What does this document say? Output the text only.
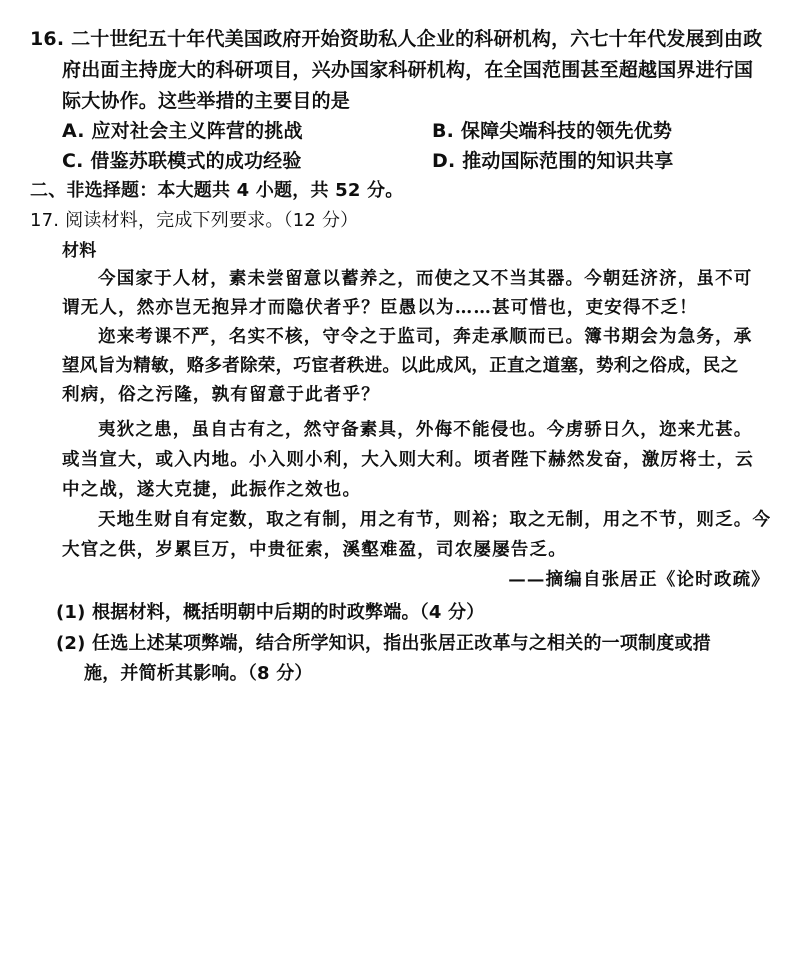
16. 二十世纪五十年代美国政府开始资助私人企业的科研机构，六七十年代发展到由政
府出面主持庞大的科研项目，兴办国家科研机构，在全国范围甚至超越国界进行国
际大协作。这些举措的主要目的是
A. 应对社会主义阵营的挑战	B. 保障尖端科技的领先优势
C. 借鉴苏联模式的成功经验	D. 推动国际范围的知识共享
二、非选择题：本大题共 4 小题，共 52 分。
17. 阅读材料，完成下列要求。（12 分）
材料
今国家于人材，素未尝留意以蓄养之，而使之又不当其器。今朝廷济济，虽不可
谓无人，然亦岂无抱异才而隐伏者乎？臣愚以为……甚可惜也，吏安得不乏！
迩来考课不严，名实不核，守令之于监司，奔走承顺而已。簿书期会为急务，承
望风旨为精敏，赂多者除荣，巧宦者秩进。以此成风，正直之道塞，势利之俗成，民之
利病，俗之污隆，孰有留意于此者乎？
夷狄之患，虽自古有之，然守备素具，外侮不能侵也。今虏骄日久，迩来尤甚。
或当宣大，或入内地。小入则小利，大入则大利。顷者陛下赫然发奋，激厉将士，云
中之战，遂大克捷，此振作之效也。
天地生财自有定数，取之有制，用之有节，则裕；取之无制，用之不节，则乏。今
大官之供，岁累巨万，中贵征索，溪壑难盈，司农屡屡告乏。
——摘编自张居正《论时政疏》
(1) 根据材料，概括明朝中后期的时政弊端。（4 分）
(2) 任选上述某项弊端，结合所学知识，指出张居正改革与之相关的一项制度或措
施，并简析其影响。（8 分）
